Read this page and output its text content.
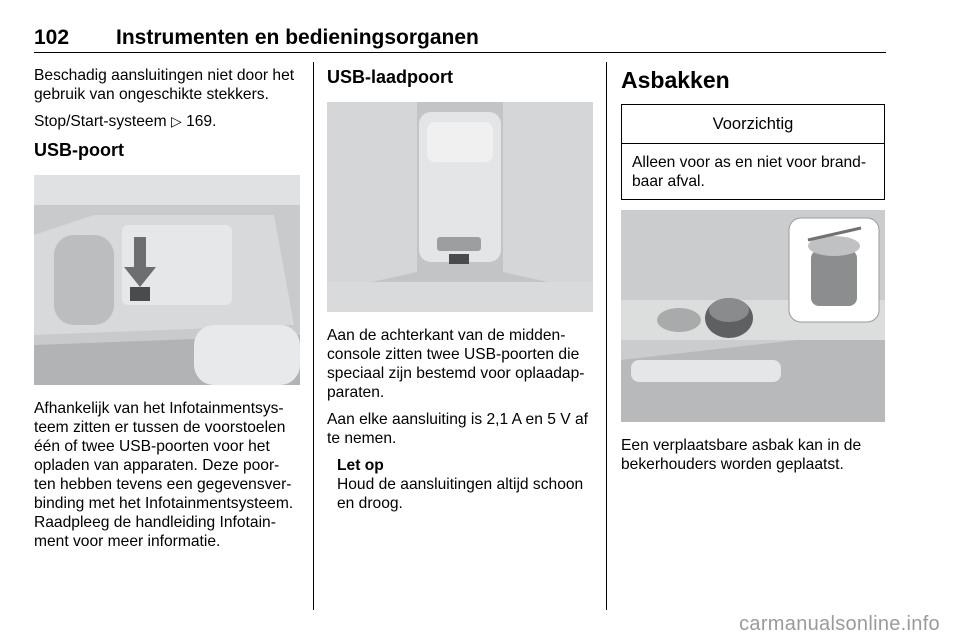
102 Instrumenten en bedieningsorganen

Beschadig aansluitingen niet door het gebruik van ongeschikte stekkers.

Stop/Start-systeem ▷ 169.

USB-poort

Afhankelijk van het Infotainmentsys-teem zitten er tussen de voorstoelen één of twee USB-poorten voor het opladen van apparaten. Deze poor-ten hebben tevens een gegevensver-binding met het Infotainmentsysteem. Raadpleeg de handleiding Infotain-ment voor meer informatie.

USB-laadpoort

Aan de achterkant van de midden-console zitten twee USB-poorten die speciaal zijn bestemd voor oplaadap-paraten.

Aan elke aansluiting is 2,1 A en 5 V af te nemen.

Let op
Houd de aansluitingen altijd schoon en droog.
Asbakken
Voorzichtig
Alleen voor as en niet voor brand-baar afval.

Een verplaatsbare asbak kan in de bekerhouders worden geplaatst.

carmanualsonline.info
